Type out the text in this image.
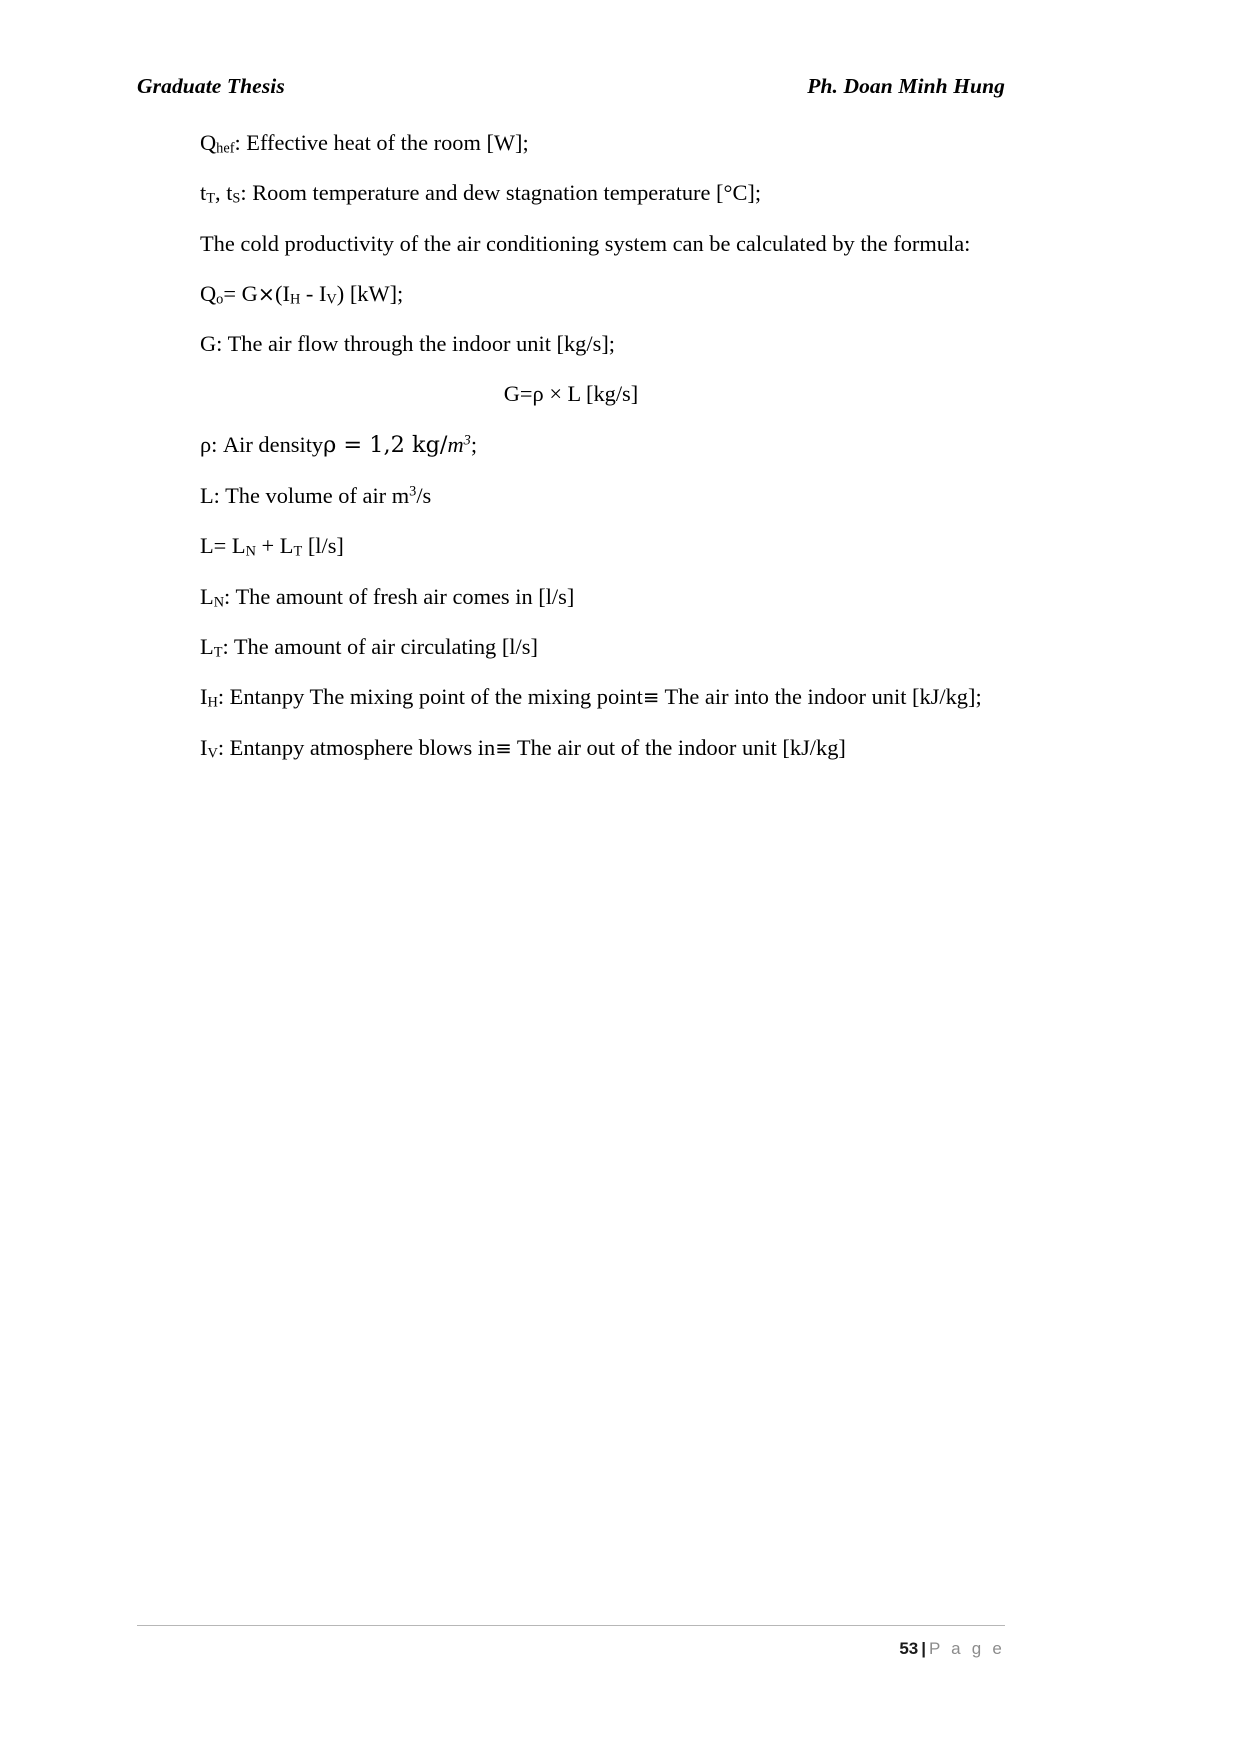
Graduate Thesis	Ph. Doan Minh Hung

$Q_{hef}$: Effective heat of the room [W];

$t_T$, $t_S$: Room temperature and dew stagnation temperature [°C];

The cold productivity of the air conditioning system can be calculated by the formula:

$Q_o= G\times(I_H - I_V)$ [kW];

G: The air flow through the indoor unit [kg/s];

G=ρ × L [kg/s]

ρ: Air densityρ = 1,2 $kg/m^3$;

L: The volume of air $m^3/s$

$L= L_N + L_T$ [l/s]

$L_N$: The amount of fresh air comes in [l/s]

$L_T$: The amount of air circulating [l/s]

$I_H$: Entanpy The mixing point of the mixing point≡ The air into the indoor unit [kJ/kg];

$I_V$: Entanpy atmosphere blows in≡ The air out of the indoor unit [kJ/kg]

53 | P a g e
